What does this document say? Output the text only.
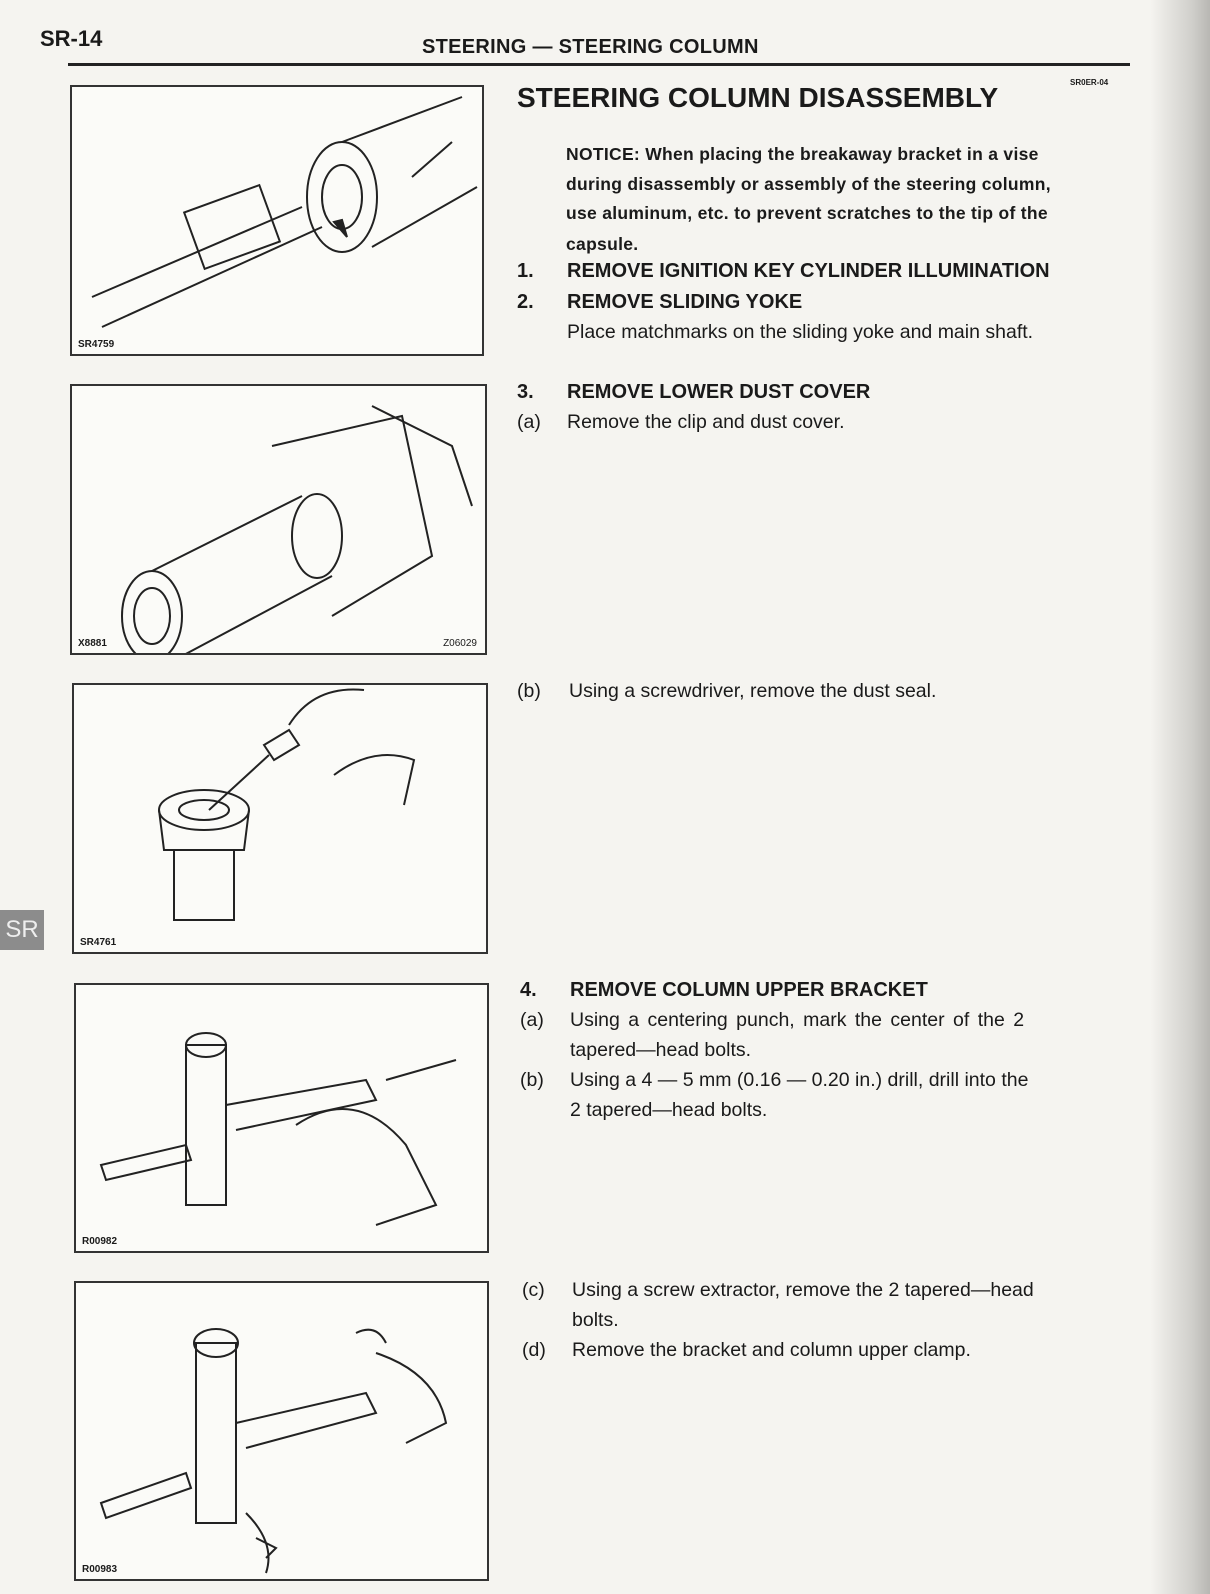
SR-14	STEERING — STEERING COLUMN
SR0ER-04
STEERING COLUMN DISASSEMBLY
SR4759
X8881	Z06029
SR4761
R00982
R00983
NOTICE: When placing the breakaway bracket in a vise
during disassembly or assembly of the steering column,
use aluminum, etc. to prevent scratches to the tip of the
capsule.
1. REMOVE IGNITION KEY CYLINDER ILLUMINATION
2. REMOVE SLIDING YOKE
Place matchmarks on the sliding yoke and main shaft.
3. REMOVE LOWER DUST COVER
(a) Remove the clip and dust cover.
(b) Using a screwdriver, remove the dust seal.
4. REMOVE COLUMN UPPER BRACKET
(a) Using a centering punch, mark the center of the 2
tapered—head bolts.
(b) Using a 4 — 5 mm (0.16 — 0.20 in.) drill, drill into the
2 tapered—head bolts.
(c) Using a screw extractor, remove the 2 tapered—head
bolts.
(d) Remove the bracket and column upper clamp.
SR
